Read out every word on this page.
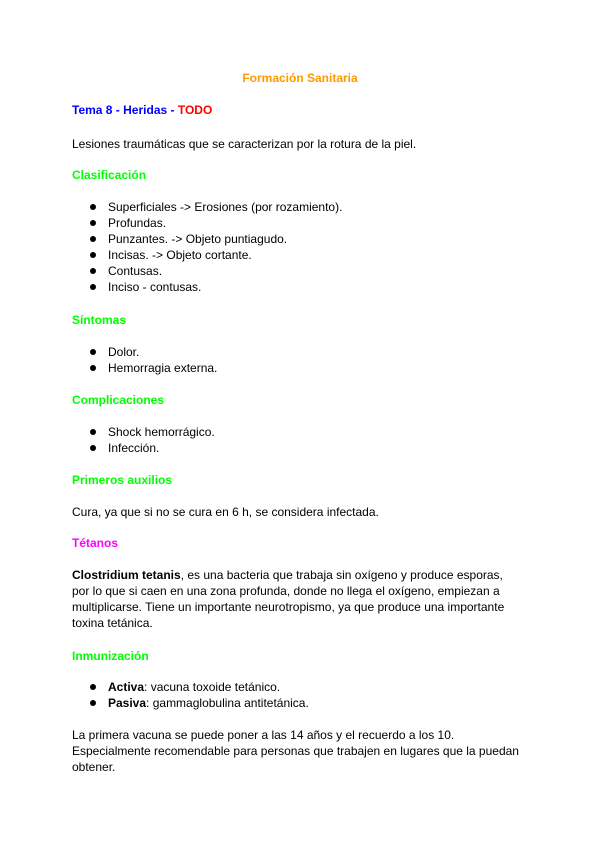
Formación Sanitaria
Tema 8 - Heridas - TODO
Lesiones traumáticas que se caracterizan por la rotura de la piel.
Clasificación
Superficiales -> Erosiones (por rozamiento).
Profundas.
Punzantes. -> Objeto puntiagudo.
Incisas. -> Objeto cortante.
Contusas.
Inciso - contusas.
Síntomas
Dolor.
Hemorragia externa.
Complicaciones
Shock hemorrágico.
Infección.
Primeros auxilios
Cura, ya que si no se cura en 6 h, se considera infectada.
Tétanos
Clostridium tetanis, es una bacteria que trabaja sin oxígeno y produce esporas,
por lo que si caen en una zona profunda, donde no llega el oxígeno, empiezan a
multiplicarse. Tiene un importante neurotropismo, ya que produce una importante
toxina tetánica.
Inmunización
Activa: vacuna toxoide tetánico.
Pasiva: gammaglobulina antitetánica.
La primera vacuna se puede poner a las 14 años y el recuerdo a los 10.
Especialmente recomendable para personas que trabajen en lugares que la puedan
obtener.
